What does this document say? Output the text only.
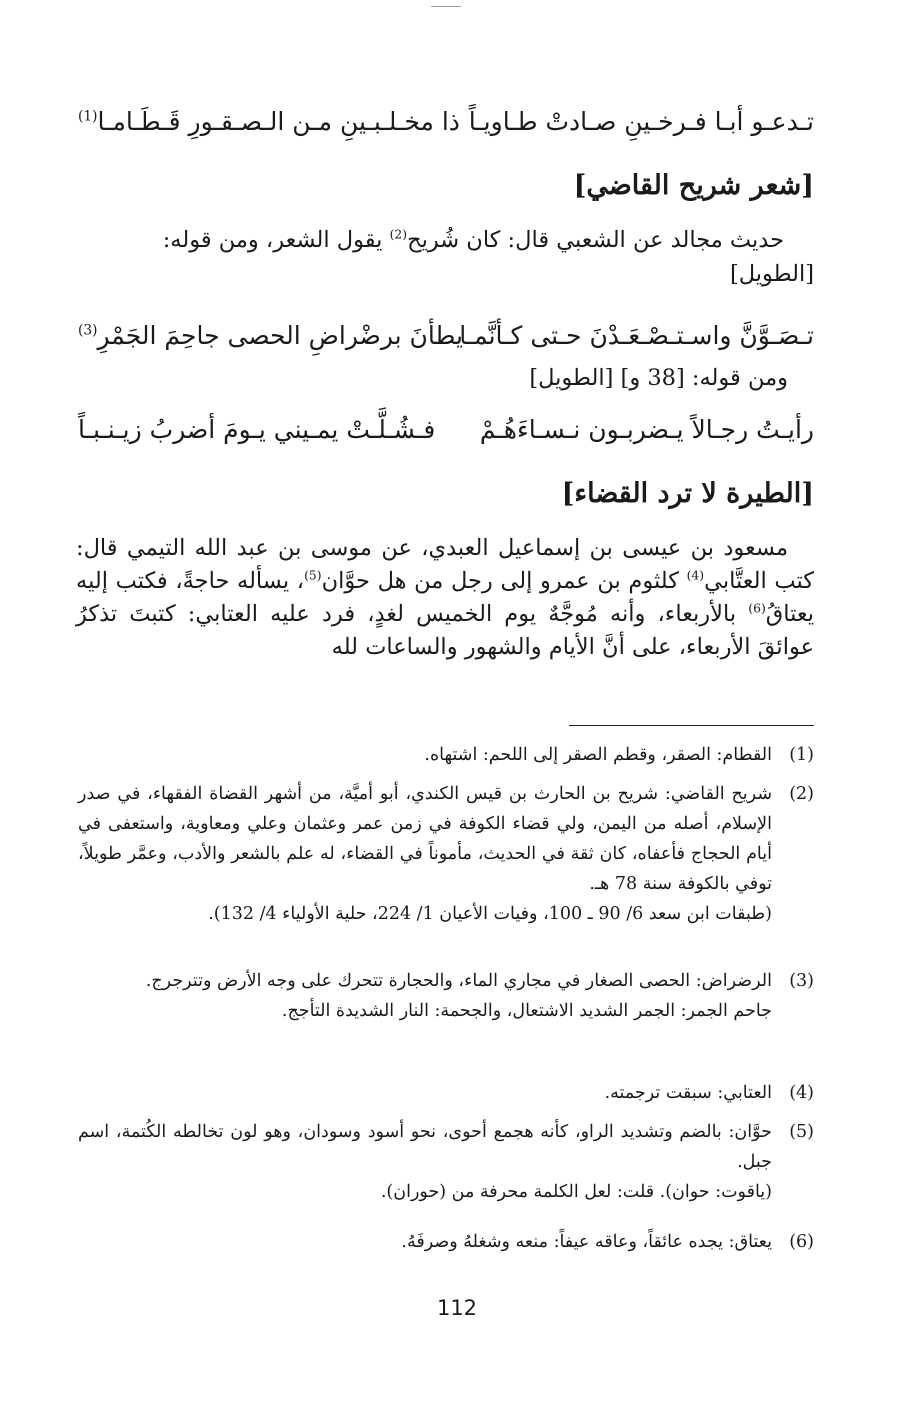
تـدعـو أبـا فـرخـينِ صـادتْ طـاويـاً
ذا مخـلـبـينِ مـن الـصـقـورِ قَـطَـامـا$^{(1)}$
[شعر شريح القاضي]
حديث مجالد عن الشعبي قال: كان شُريح$^{(2)}$ يقول الشعر، ومن قوله:
[الطويل]
تـصَـوَّنَّ واسـتـصْـعَـدْنَ حـتى كـأنَّمـا
يطأنَ برضْراضِ الحصى جاحِمَ الجَمْرِ$^{(3)}$
ومن قوله: [38 و] [الطويل]
رأيـتُ رجـالاً يـضربـون نـسـاءَهُـمْ
فـشُـلَّـتْ يمـيني يـومَ أضربُ زيـنـبـاً
[الطيرة لا ترد القضاء]
مسعود بن عيسى بن إسماعيل العبدي، عن موسى بن عبد الله التيمي قال: كتب العتَّابي$^{(4)}$ كلثوم بن عمرو إلى رجل من هل حوَّان$^{(5)}$، يسأله حاجةً، فكتب إليه يعتاقُ$^{(6)}$ بالأربعاء، وأنه مُوجَّهٌ يوم الخميس لغدٍ، فرد عليه العتابي: كتبتَ تذكرُ عوائقَ الأربعاء، على أنَّ الأيام والشهور والساعات لله
(1)

القطام: الصقر، وقطم الصقر إلى اللحم: اشتهاه.

(2)

شريح القاضي: شريح بن الحارث بن قيس الكندي، أبو أميَّة، من أشهر القضاة الفقهاء، في صدر الإسلام، أصله من اليمن، ولي قضاء الكوفة في زمن عمر وعثمان وعلي ومعاوية، واستعفى في أيام الحجاج فأعفاه، كان ثقة في الحديث، مأموناً في القضاء، له علم بالشعر والأدب، وعمَّر طويلاً، توفي بالكوفة سنة 78 هـ.

(طبقات ابن سعد 6/ 90 ـ 100، وفيات الأعيان 1/ 224، حلية الأولياء 4/ 132).

(3)

الرضراض: الحصى الصغار في مجاري الماء، والحجارة تتحرك على وجه الأرض وتترجرج.

جاحم الجمر: الجمر الشديد الاشتعال، والجحمة: النار الشديدة التأجج.

(4)

العتابي: سبقت ترجمته.

(5)

حوَّان: بالضم وتشديد الراو، كأنه هجمع أحوى، نحو أسود وسودان، وهو لون تخالطه الكُتمة، اسم جبل.

(ياقوت: حوان). قلت: لعل الكلمة محرفة من (حوران).

(6)

يعتاق: يجده عائقاً، وعاقه عيفاً: منعه وشغلهُ وصرفَهُ.

112
